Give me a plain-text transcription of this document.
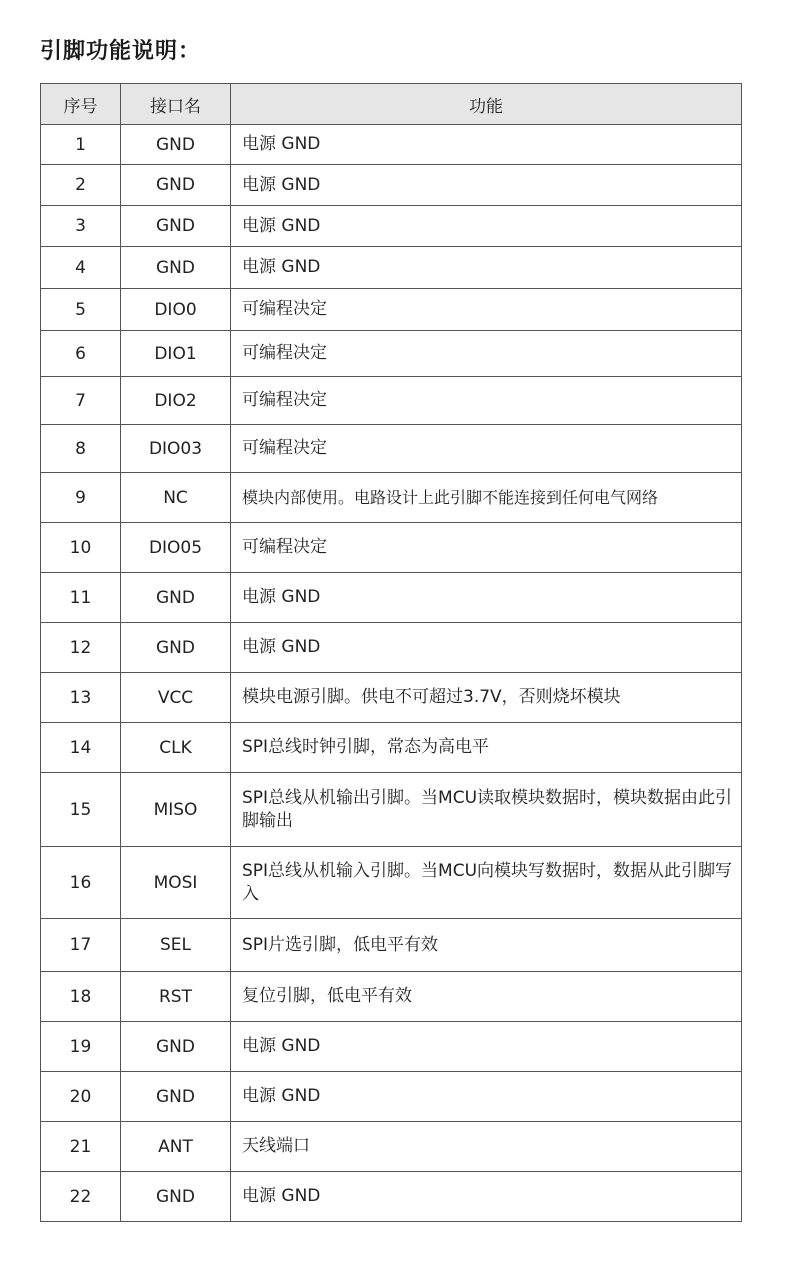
引脚功能说明：
序号	接口名	功能
1	GND	电源 GND
2	GND	电源 GND
3	GND	电源 GND
4	GND	电源 GND
5	DIO0	可编程决定
6	DIO1	可编程决定
7	DIO2	可编程决定
8	DIO03	可编程决定
9	NC	模块内部使用。电路设计上此引脚不能连接到任何电气网络
10	DIO05	可编程决定
11	GND	电源 GND
12	GND	电源 GND
13	VCC	模块电源引脚。供电不可超过3.7V，否则烧坏模块
14	CLK	SPI总线时钟引脚，常态为高电平
15	MISO	SPI总线从机输出引脚。当MCU读取模块数据时，模块数据由此引脚输出
16	MOSI	SPI总线从机输入引脚。当MCU向模块写数据时，数据从此引脚写入
17	SEL	SPI片选引脚，低电平有效
18	RST	复位引脚，低电平有效
19	GND	电源 GND
20	GND	电源 GND
21	ANT	天线端口
22	GND	电源 GND
